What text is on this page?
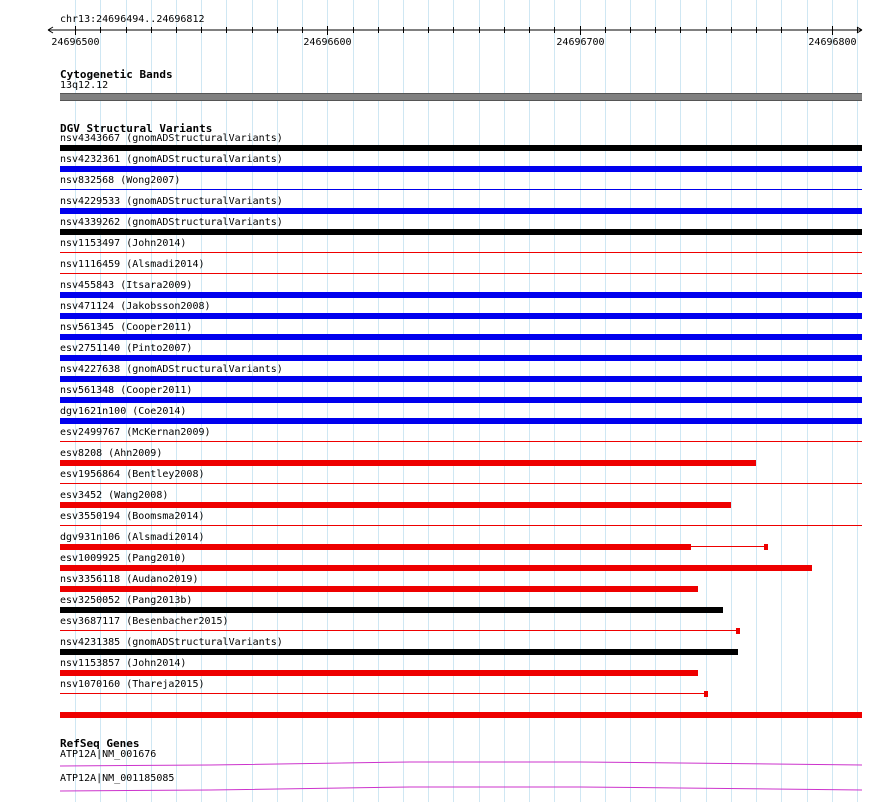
chr13:24696494..24696812
24696500	24696600	24696700	24696800
Cytogenetic Bands
13q12.12
DGV Structural Variants
nsv4343667 (gnomADStructuralVariants)
nsv4232361 (gnomADStructuralVariants)
nsv832568 (Wong2007)
nsv4229533 (gnomADStructuralVariants)
nsv4339262 (gnomADStructuralVariants)
nsv1153497 (John2014)
nsv1116459 (Alsmadi2014)
nsv455843 (Itsara2009)
nsv471124 (Jakobsson2008)
nsv561345 (Cooper2011)
esv2751140 (Pinto2007)
nsv4227638 (gnomADStructuralVariants)
nsv561348 (Cooper2011)
dgv1621n100 (Coe2014)
esv2499767 (McKernan2009)
esv8208 (Ahn2009)
esv1956864 (Bentley2008)
esv3452 (Wang2008)
esv3550194 (Boomsma2014)
dgv931n106 (Alsmadi2014)
esv1009925 (Pang2010)
nsv3356118 (Audano2019)
esv3250052 (Pang2013b)
esv3687117 (Besenbacher2015)
nsv4231385 (gnomADStructuralVariants)
nsv1153857 (John2014)
nsv1070160 (Thareja2015)
RefSeq Genes
ATP12A|NM_001676
ATP12A|NM_001185085
